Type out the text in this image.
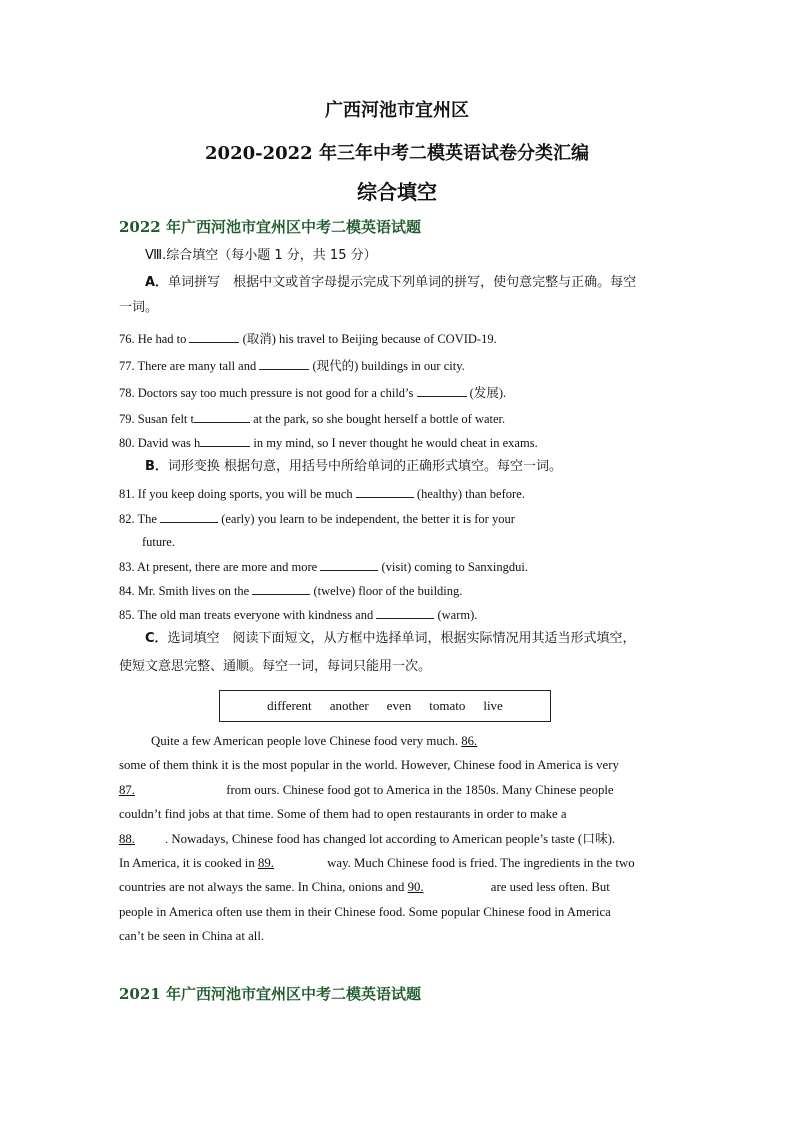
广西河池市宜州区
2020-2022 年三年中考二模英语试卷分类汇编
综合填空
2022 年广西河池市宜州区中考二模英语试题
Ⅷ.综合填空（每小题 1 分，共 15 分）
A．单词拼写　根据中文或首字母提示完成下列单词的拼写，使句意完整与正确。每空
一词。
76. He had to	(取消) his travel to Beijing because of COVID-19.
77. There are many tall and	(现代的) buildings in our city.
78. Doctors say too much pressure is not good for a child’s	(发展).
79. Susan felt t	at the park, so she bought herself a bottle of water.
80. David was h	in my mind, so I never thought he would cheat in exams.
B．词形变换 根据句意，用括号中所给单词的正确形式填空。每空一词。
81. If you keep doing sports, you will be much	(healthy) than before.
82. The	(early) you learn to be independent, the better it is for your
future.
83. At present, there are more and more	(visit) coming to Sanxingdui.
84. Mr. Smith lives on the	(twelve) floor of the building.
85. The old man treats everyone with kindness and	(warm).
C．选词填空　阅读下面短文，从方框中选择单词，根据实际情况用其适当形式填空，
使短文意思完整、通顺。每空一词，每词只能用一次。
different another even tomato live
Quite a few American people love Chinese food very much. 86.
some of them think it is the most popular in the world. However, Chinese food in America is very
87.	from ours. Chinese food got to America in the 1850s. Many Chinese people
couldn’t find jobs at that time. Some of them had to open restaurants in order to make a
88. . Nowadays, Chinese food has changed lot according to American people’s taste (口味).
In America, it is cooked in 89.	way. Much Chinese food is fried. The ingredients in the two
countries are not always the same. In China, onions and 90.	are used less often. But
people in America often use them in their Chinese food. Some popular Chinese food in America
can’t be seen in China at all.
2021 年广西河池市宜州区中考二模英语试题
